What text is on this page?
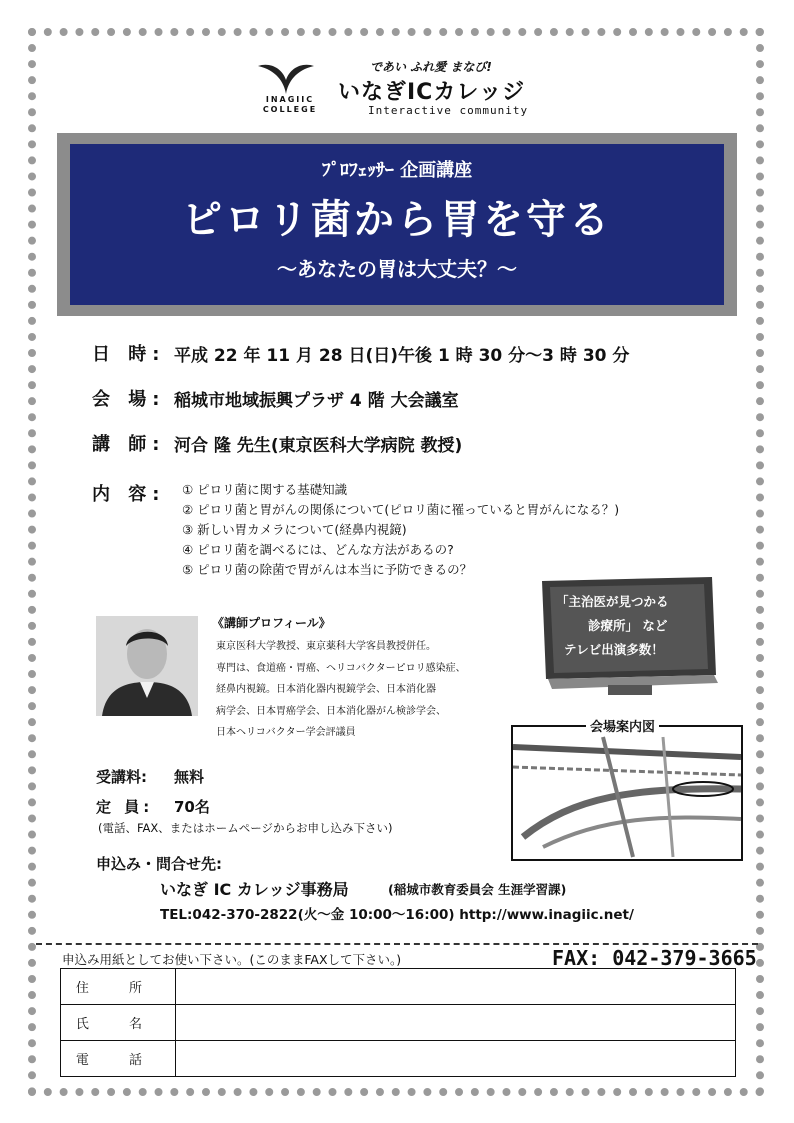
INAGIIC
COLLEGE
であい ふれ愛 まなび!
いなぎICカレッジ
Interactive community
ﾌﾟﾛﾌｪｯｻｰ 企画講座
ピロリ菌から胃を守る
～あなたの胃は大丈夫？～
日 時: 平成 22 年 11 月 28 日(日)午後 1 時 30 分～3 時 30 分
会 場: 稲城市地域振興プラザ 4 階 大会議室
講 師: 河合 隆 先生(東京医科大学病院 教授)
内 容: ① ピロリ菌に関する基礎知識
② ピロリ菌と胃がんの関係について(ピロリ菌に罹っていると胃がんになる？)
③ 新しい胃カメラについて(経鼻内視鏡)
④ ピロリ菌を調べるには、どんな方法があるの?
⑤ ピロリ菌の除菌で胃がんは本当に予防できるの？
「主治医が見つかる
診療所」 など
テレビ出演多数！
《講師プロフィール》
東京医科大学教授、東京薬科大学客員教授併任。
専門は、食道癌・胃癌、ヘリコバクターピロリ感染症、
経鼻内視鏡。日本消化器内視鏡学会、日本消化器
病学会、日本胃癌学会、日本消化器がん検診学会、
日本ヘリコバクター学会評議員	会場案内図
受講料: 無料
定 員: 70名
(電話、FAX、またはホームページからお申し込み下さい)
申込み・問合せ先:
いなぎ IC カレッジ事務局	(稲城市教育委員会 生涯学習課)
TEL:042-370-2822(火～金 10:00～16:00) http://www.inagiic.net/
申込み用紙としてお使い下さい。(このままFAXして下さい。)	FAX: 042-379-3665
住 所	
氏 名	
電 話	
